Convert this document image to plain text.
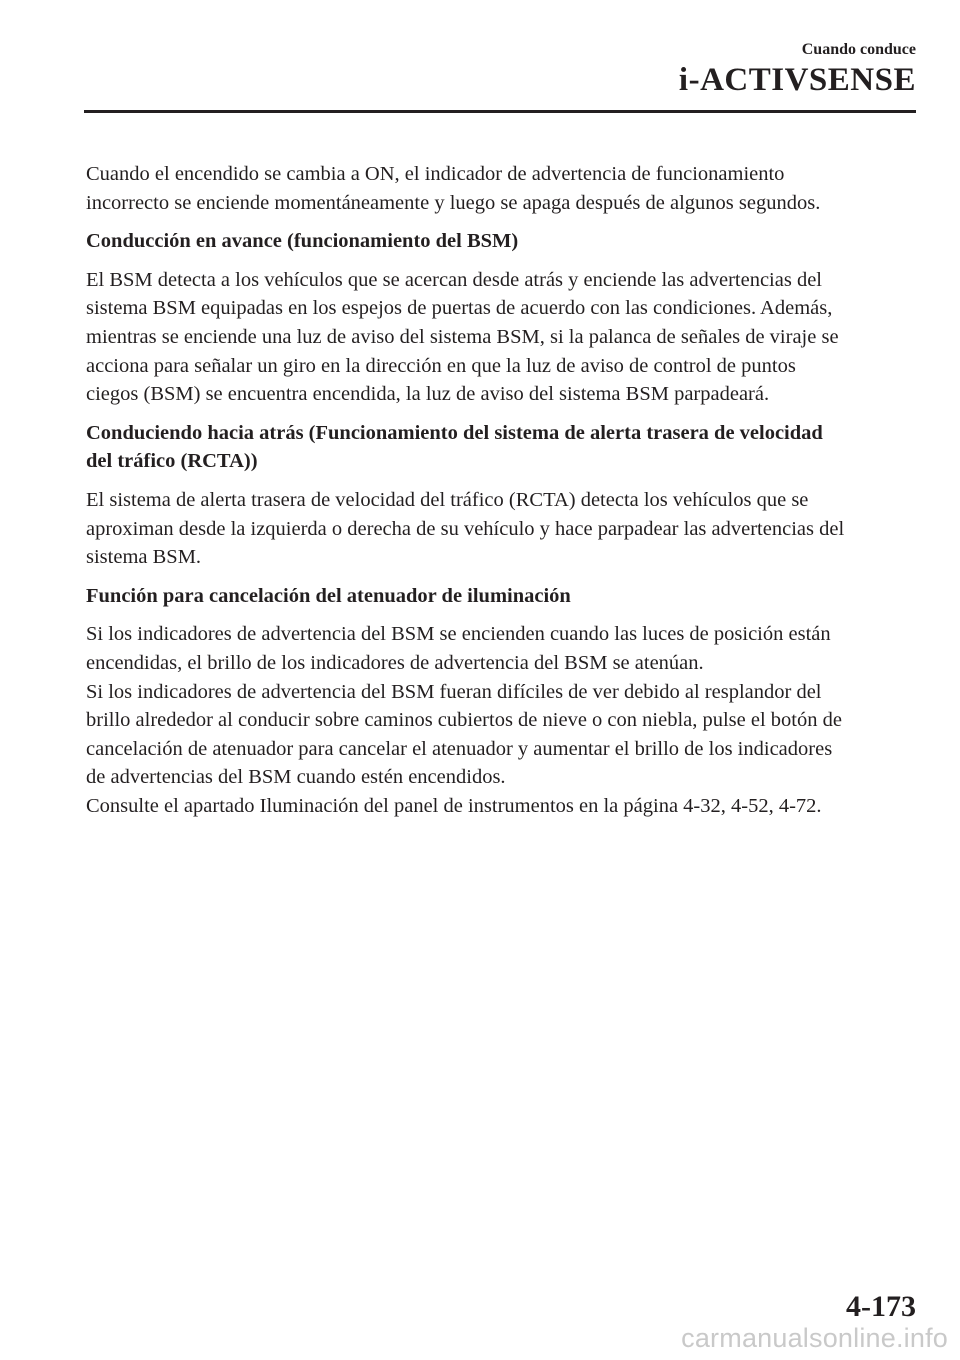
Cuando conduce
i-ACTIVSENSE

Cuando el encendido se cambia a ON, el indicador de advertencia de funcionamiento
incorrecto se enciende momentáneamente y luego se apaga después de algunos segundos.

Conducción en avance (funcionamiento del BSM)

El BSM detecta a los vehículos que se acercan desde atrás y enciende las advertencias del
sistema BSM equipadas en los espejos de puertas de acuerdo con las condiciones. Además,
mientras se enciende una luz de aviso del sistema BSM, si la palanca de señales de viraje se
acciona para señalar un giro en la dirección en que la luz de aviso de control de puntos
ciegos (BSM) se encuentra encendida, la luz de aviso del sistema BSM parpadeará.

Conduciendo hacia atrás (Funcionamiento del sistema de alerta trasera de velocidad
del tráfico (RCTA))

El sistema de alerta trasera de velocidad del tráfico (RCTA) detecta los vehículos que se
aproximan desde la izquierda o derecha de su vehículo y hace parpadear las advertencias del
sistema BSM.

Función para cancelación del atenuador de iluminación

Si los indicadores de advertencia del BSM se encienden cuando las luces de posición están
encendidas, el brillo de los indicadores de advertencia del BSM se atenúan.
Si los indicadores de advertencia del BSM fueran difíciles de ver debido al resplandor del
brillo alrededor al conducir sobre caminos cubiertos de nieve o con niebla, pulse el botón de
cancelación de atenuador para cancelar el atenuador y aumentar el brillo de los indicadores
de advertencias del BSM cuando estén encendidos.
Consulte el apartado Iluminación del panel de instrumentos en la página 4-32, 4-52, 4-72.

4-173
carmanualsonline.info
